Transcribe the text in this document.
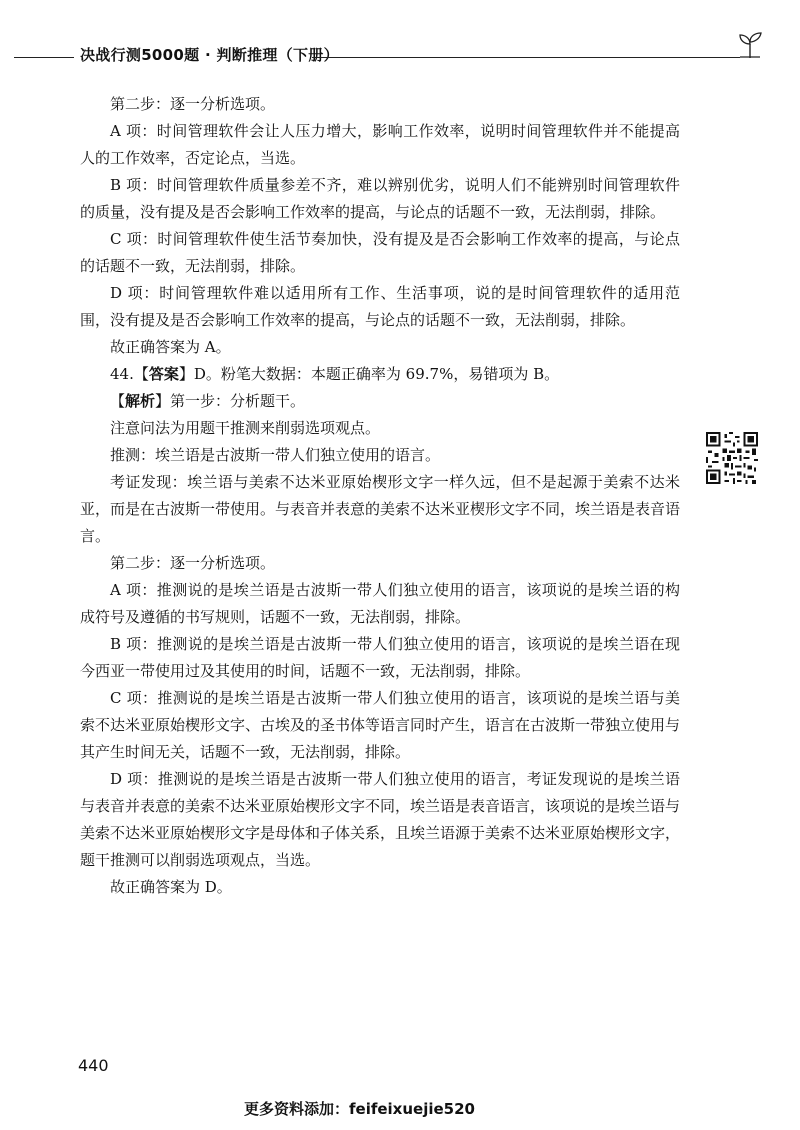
决战行测5000题 · 判断推理（下册）

第二步：逐一分析选项。

A 项：时间管理软件会让人压力增大，影响工作效率，说明时间管理软件并不能提高人的工作效率，否定论点，当选。

B 项：时间管理软件质量参差不齐，难以辨别优劣，说明人们不能辨别时间管理软件的质量，没有提及是否会影响工作效率的提高，与论点的话题不一致，无法削弱，排除。

C 项：时间管理软件使生活节奏加快，没有提及是否会影响工作效率的提高，与论点的话题不一致，无法削弱，排除。

D 项：时间管理软件难以适用所有工作、生活事项，说的是时间管理软件的适用范围，没有提及是否会影响工作效率的提高，与论点的话题不一致，无法削弱，排除。

故正确答案为 A。

44.【答案】D。粉笔大数据：本题正确率为 69.7%，易错项为 B。

【解析】第一步：分析题干。

注意问法为用题干推测来削弱选项观点。

推测：埃兰语是古波斯一带人们独立使用的语言。

考证发现：埃兰语与美索不达米亚原始楔形文字一样久远，但不是起源于美索不达米亚，而是在古波斯一带使用。与表音并表意的美索不达米亚楔形文字不同，埃兰语是表音语言。

第二步：逐一分析选项。

A 项：推测说的是埃兰语是古波斯一带人们独立使用的语言，该项说的是埃兰语的构成符号及遵循的书写规则，话题不一致，无法削弱，排除。

B 项：推测说的是埃兰语是古波斯一带人们独立使用的语言，该项说的是埃兰语在现今西亚一带使用过及其使用的时间，话题不一致，无法削弱，排除。

C 项：推测说的是埃兰语是古波斯一带人们独立使用的语言，该项说的是埃兰语与美索不达米亚原始楔形文字、古埃及的圣书体等语言同时产生，语言在古波斯一带独立使用与其产生时间无关，话题不一致，无法削弱，排除。

D 项：推测说的是埃兰语是古波斯一带人们独立使用的语言，考证发现说的是埃兰语与表音并表意的美索不达米亚原始楔形文字不同，埃兰语是表音语言，该项说的是埃兰语与美索不达米亚原始楔形文字是母体和子体关系，且埃兰语源于美索不达米亚原始楔形文字，题干推测可以削弱选项观点，当选。

故正确答案为 D。

440
更多资料添加：feifeixuejie520
